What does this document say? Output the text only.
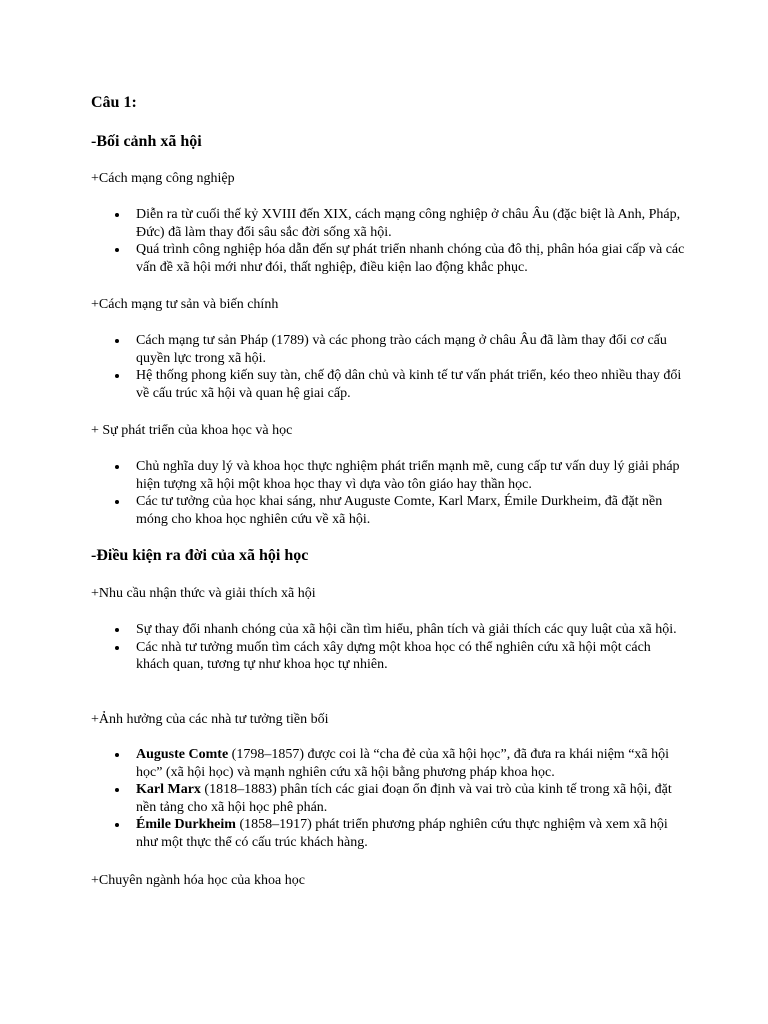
Câu 1:
-Bối cảnh xã hội

+Cách mạng công nghiệp

Diễn ra từ cuối thế kỷ XVIII đến XIX, cách mạng công nghiệp ở châu Âu (đặc biệt là Anh, Pháp, Đức) đã làm thay đổi sâu sắc đời sống xã hội.
Quá trình công nghiệp hóa dẫn đến sự phát triển nhanh chóng của đô thị, phân hóa giai cấp và các vấn đề xã hội mới như đói, thất nghiệp, điều kiện lao động khắc phục.

+Cách mạng tư sản và biến chính

Cách mạng tư sản Pháp (1789) và các phong trào cách mạng ở châu Âu đã làm thay đổi cơ cấu quyền lực trong xã hội.
Hệ thống phong kiến suy tàn, chế độ dân chủ và kinh tế tư vấn phát triển, kéo theo nhiều thay đổi về cấu trúc xã hội và quan hệ giai cấp.

+ Sự phát triển của khoa học và học

Chủ nghĩa duy lý và khoa học thực nghiệm phát triển mạnh mẽ, cung cấp tư vấn duy lý giải pháp hiện tượng xã hội một khoa học thay vì dựa vào tôn giáo hay thần học.
Các tư tưởng của học khai sáng, như Auguste Comte, Karl Marx, Émile Durkheim, đã đặt nền móng cho khoa học nghiên cứu về xã hội.
-Điều kiện ra đời của xã hội học

+Nhu cầu nhận thức và giải thích xã hội

Sự thay đổi nhanh chóng của xã hội cần tìm hiểu, phân tích và giải thích các quy luật của xã hội.
Các nhà tư tưởng muốn tìm cách xây dựng một khoa học có thể nghiên cứu xã hội một cách khách quan, tương tự như khoa học tự nhiên.

+Ảnh hưởng của các nhà tư tưởng tiền bối

Auguste Comte (1798–1857) được coi là “cha đẻ của xã hội học”, đã đưa ra khái niệm “xã hội học” (xã hội học) và mạnh nghiên cứu xã hội bằng phương pháp khoa học.
Karl Marx (1818–1883) phân tích các giai đoạn ổn định và vai trò của kinh tế trong xã hội, đặt nền tảng cho xã hội học phê phán.
Émile Durkheim (1858–1917) phát triển phương pháp nghiên cứu thực nghiệm và xem xã hội như một thực thể có cấu trúc khách hàng.

+Chuyên ngành hóa học của khoa học
